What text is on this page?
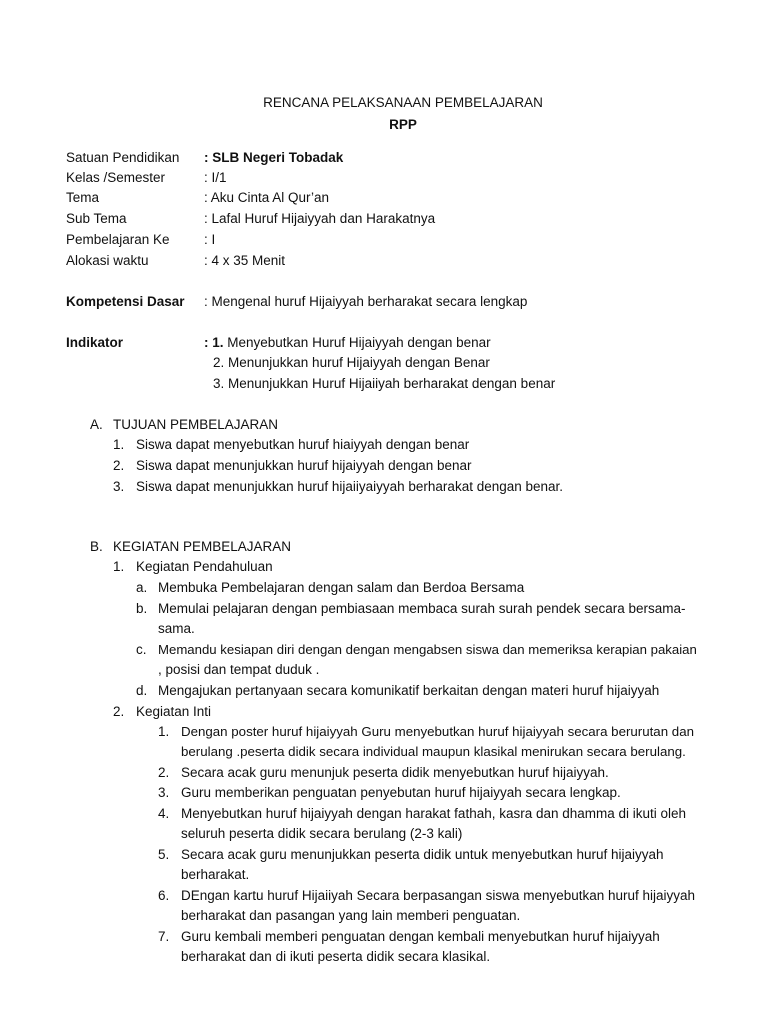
RENCANA PELAKSANAAN PEMBELAJARAN
RPP
Satuan Pendidikan : SLB Negeri Tobadak
Kelas /Semester	: I/1
Tema	: Aku Cinta Al Qur’an
Sub Tema	: Lafal Huruf Hijaiyyah dan Harakatnya
Pembelajaran Ke	: I
Alokasi waktu	: 4 x 35 Menit
Kompetensi Dasar : Mengenal huruf Hijaiyyah berharakat secara lengkap
Indikator	: 1. Menyebutkan Huruf Hijaiyyah dengan benar
2. Menunjukkan huruf Hijaiyyah dengan Benar
3. Menunjukkan Huruf Hijaiiyah berharakat dengan benar
A. TUJUAN PEMBELAJARAN
1. Siswa dapat menyebutkan huruf hiaiyyah dengan benar
2. Siswa dapat menunjukkan huruf hijaiyyah dengan benar
3. Siswa dapat menunjukkan huruf hijaiiyaiyyah berharakat dengan benar.
B. KEGIATAN PEMBELAJARAN
1. Kegiatan Pendahuluan
a. Membuka Pembelajaran dengan salam dan Berdoa Bersama
b. Memulai pelajaran dengan pembiasaan membaca surah surah pendek secara bersama-
sama.
c. Memandu kesiapan diri dengan dengan mengabsen siswa dan memeriksa kerapian pakaian
, posisi dan tempat duduk .
d. Mengajukan pertanyaan secara komunikatif berkaitan dengan materi huruf hijaiyyah
2. Kegiatan Inti
1. Dengan poster huruf hijaiyyah Guru menyebutkan huruf hijaiyyah secara berurutan dan
berulang .peserta didik secara individual maupun klasikal menirukan secara berulang.
2. Secara acak guru menunjuk peserta didik menyebutkan huruf hijaiyyah.
3. Guru memberikan penguatan penyebutan huruf hijaiyyah secara lengkap.
4. Menyebutkan huruf hijaiyyah dengan harakat fathah, kasra dan dhamma di ikuti oleh
seluruh peserta didik secara berulang (2-3 kali)
5. Secara acak guru menunjukkan peserta didik untuk menyebutkan huruf hijaiyyah
berharakat.
6. DEngan kartu huruf Hijaiiyah Secara berpasangan siswa menyebutkan huruf hijaiyyah
berharakat dan pasangan yang lain memberi penguatan.
7. Guru kembali memberi penguatan dengan kembali menyebutkan huruf hijaiyyah
berharakat dan di ikuti peserta didik secara klasikal.
